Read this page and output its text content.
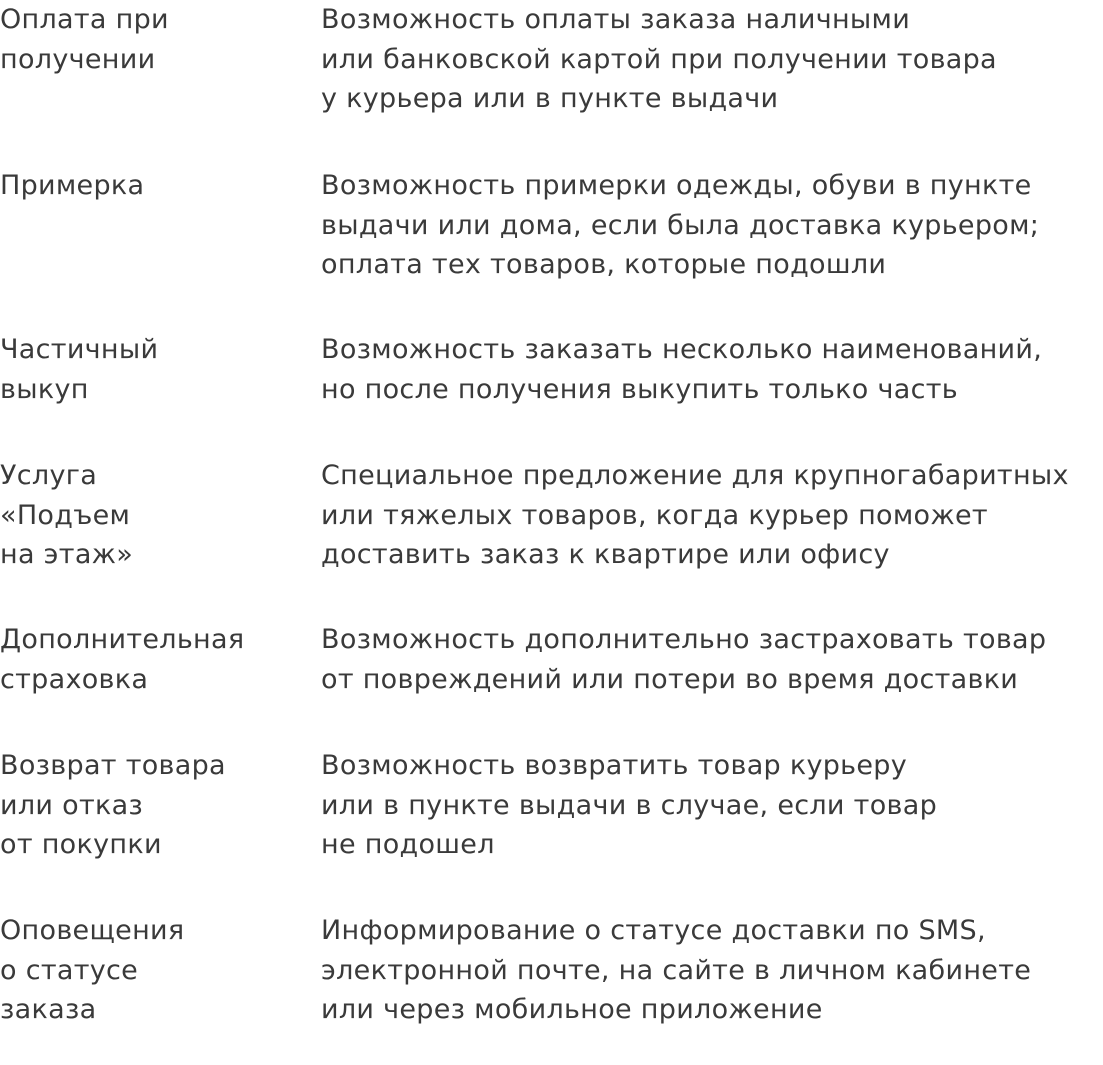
Оплата при
получении

Возможность оплаты заказа наличными
или банковской картой при получении товара
у курьера или в пункте выдачи

Примерка	Возможность примерки одежды, обуви в пункте
выдачи или дома, если была доставка курьером;
оплата тех товаров, которые подошли

Частичный
выкуп

Возможность заказать несколько наименований,
но после получения выкупить только часть

Услуга
«Подъем
на этаж»

Специальное предложение для крупногабаритных
или тяжелых товаров, когда курьер поможет
доставить заказ к квартире или офису

Дополнительная
страховка

Возможность дополнительно застраховать товар
от повреждений или потери во время доставки

Возврат товара
или отказ
от покупки

Возможность возвратить товар курьеру
или в пункте выдачи в случае, если товар
не подошел

Оповещения
о статусе
заказа

Информирование о статусе доставки по SMS,
электронной почте, на сайте в личном кабинете
или через мобильное приложение
